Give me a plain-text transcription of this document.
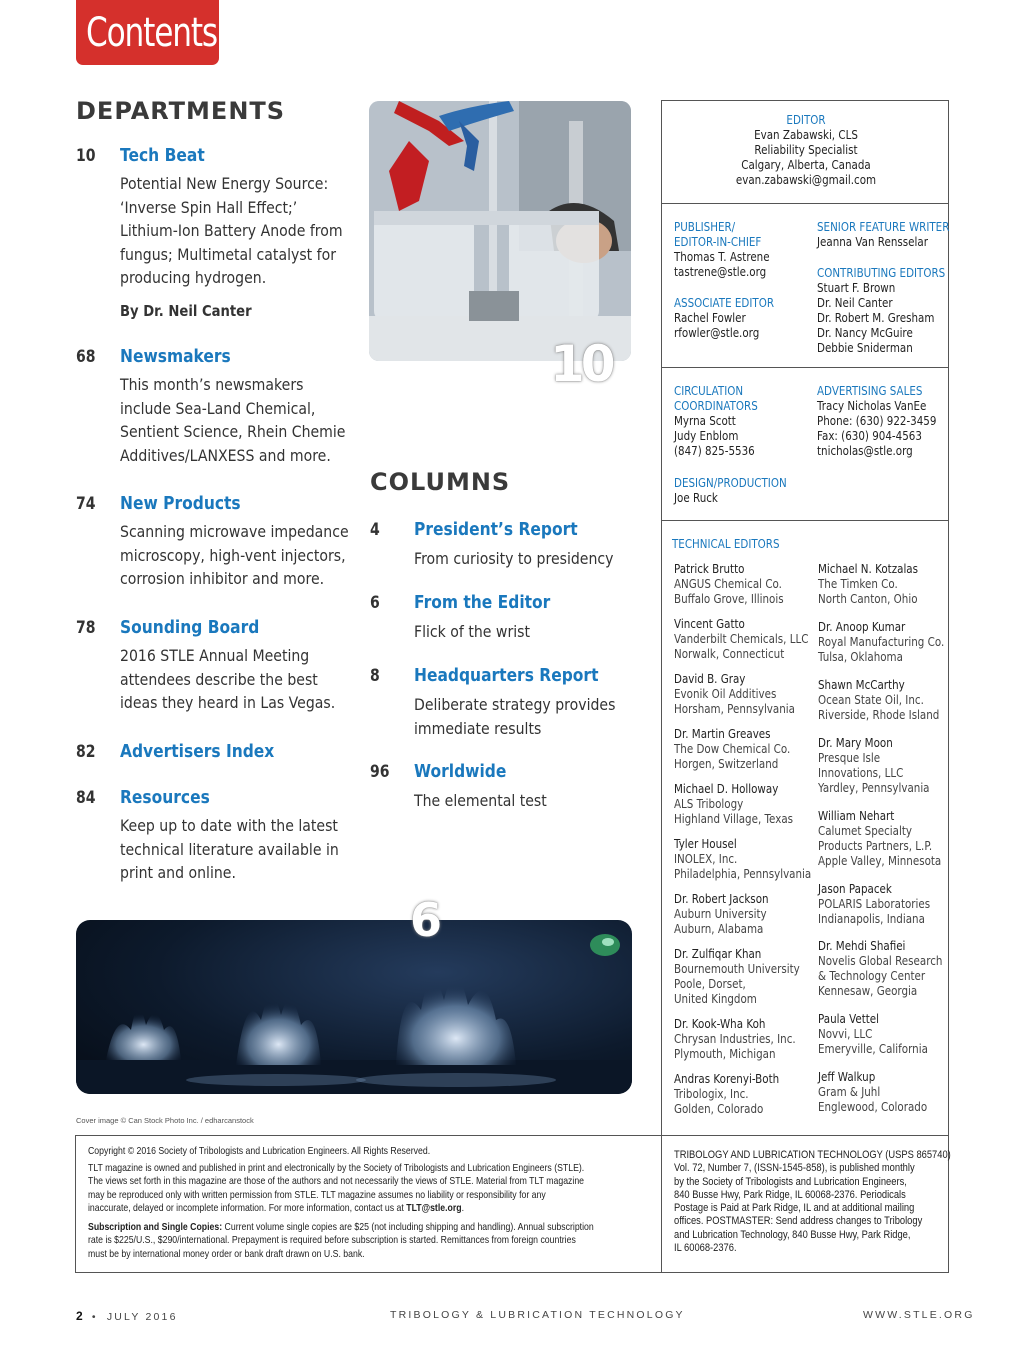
Contents
DEPARTMENTS
10 Tech Beat
Potential New Energy Source:
‘Inverse Spin Hall Effect;’
Lithium-Ion Battery Anode from
fungus; Multimetal catalyst for
producing hydrogen.
By Dr. Neil Canter
68 Newsmakers
This month’s newsmakers
include Sea-Land Chemical,
Sentient Science, Rhein Chemie
Additives/LANXESS and more.
74 New Products
Scanning microwave impedance
microscopy, high-vent injectors,
corrosion inhibitor and more.
78 Sounding Board
2016 STLE Annual Meeting
attendees describe the best
ideas they heard in Las Vegas.
82 Advertisers Index
84 Resources
Keep up to date with the latest
technical literature available in
print and online.
10
COLUMNS
4 President’s Report
From curiosity to presidency
6 From the Editor
Flick of the wrist
8 Headquarters Report
Deliberate strategy provides
immediate results
96 Worldwide
The elemental test
6
Cover image © Can Stock Photo Inc. / edharcanstock
EDITOR
Evan Zabawski, CLS
Reliability Specialist
Calgary, Alberta, Canada
evan.zabawski@gmail.com
PUBLISHER/
EDITOR-IN-CHIEF
Thomas T. Astrene
tastrene@stle.org
ASSOCIATE EDITOR
Rachel Fowler
rfowler@stle.org
SENIOR FEATURE WRITER
Jeanna Van Rensselar
CONTRIBUTING EDITORS
Stuart F. Brown
Dr. Neil Canter
Dr. Robert M. Gresham
Dr. Nancy McGuire
Debbie Sniderman
CIRCULATION
COORDINATORS
Myrna Scott
Judy Enblom
(847) 825-5536
ADVERTISING SALES
Tracy Nicholas VanEe
Phone: (630) 922-3459
Fax: (630) 904-4563
tnicholas@stle.org
DESIGN/PRODUCTION
Joe Ruck
TECHNICAL EDITORS
Patrick Brutto
ANGUS Chemical Co.
Buffalo Grove, Illinois
Vincent Gatto
Vanderbilt Chemicals, LLC
Norwalk, Connecticut
David B. Gray
Evonik Oil Additives
Horsham, Pennsylvania
Dr. Martin Greaves
The Dow Chemical Co.
Horgen, Switzerland
Michael D. Holloway
ALS Tribology
Highland Village, Texas
Tyler Housel
INOLEX, Inc.
Philadelphia, Pennsylvania
Dr. Robert Jackson
Auburn University
Auburn, Alabama
Dr. Zulfiqar Khan
Bournemouth University
Poole, Dorset,
United Kingdom
Dr. Kook-Wha Koh
Chrysan Industries, Inc.
Plymouth, Michigan
Andras Korenyi-Both
Tribologix, Inc.
Golden, Colorado
Michael N. Kotzalas
The Timken Co.
North Canton, Ohio
Dr. Anoop Kumar
Royal Manufacturing Co.
Tulsa, Oklahoma
Shawn McCarthy
Ocean State Oil, Inc.
Riverside, Rhode Island
Dr. Mary Moon
Presque Isle
Innovations, LLC
Yardley, Pennsylvania
William Nehart
Calumet Specialty
Products Partners, L.P.
Apple Valley, Minnesota
Jason Papacek
POLARIS Laboratories
Indianapolis, Indiana
Dr. Mehdi Shafiei
Novelis Global Research
& Technology Center
Kennesaw, Georgia
Paula Vettel
Novvi, LLC
Emeryville, California
Jeff Walkup
Gram & Juhl
Englewood, Colorado
Copyright © 2016 Society of Tribologists and Lubrication Engineers. All Rights Reserved.
TLT magazine is owned and published in print and electronically by the Society of Tribologists and Lubrication Engineers (STLE).
The views set forth in this magazine are those of the authors and not necessarily the views of STLE. Material from TLT magazine
may be reproduced only with written permission from STLE. TLT magazine assumes no liability or responsibility for any
inaccurate, delayed or incomplete information. For more information, contact us at TLT@stle.org.
Subscription and Single Copies: Current volume single copies are $25 (not including shipping and handling). Annual subscription
rate is $225/U.S., $290/international. Prepayment is required before subscription is started. Remittances from foreign countries
must be by international money order or bank draft drawn on U.S. bank.
TRIBOLOGY AND LUBRICATION TECHNOLOGY (USPS 865740)
Vol. 72, Number 7, (ISSN-1545-858), is published monthly
by the Society of Tribologists and Lubrication Engineers,
840 Busse Hwy, Park Ridge, IL 60068-2376. Periodicals
Postage is Paid at Park Ridge, IL and at additional mailing
offices. POSTMASTER: Send address changes to Tribology
and Lubrication Technology, 840 Busse Hwy, Park Ridge,
IL 60068-2376.
2 • JULY 2016	TRIBOLOGY & LUBRICATION TECHNOLOGY	WWW.STLE.ORG
